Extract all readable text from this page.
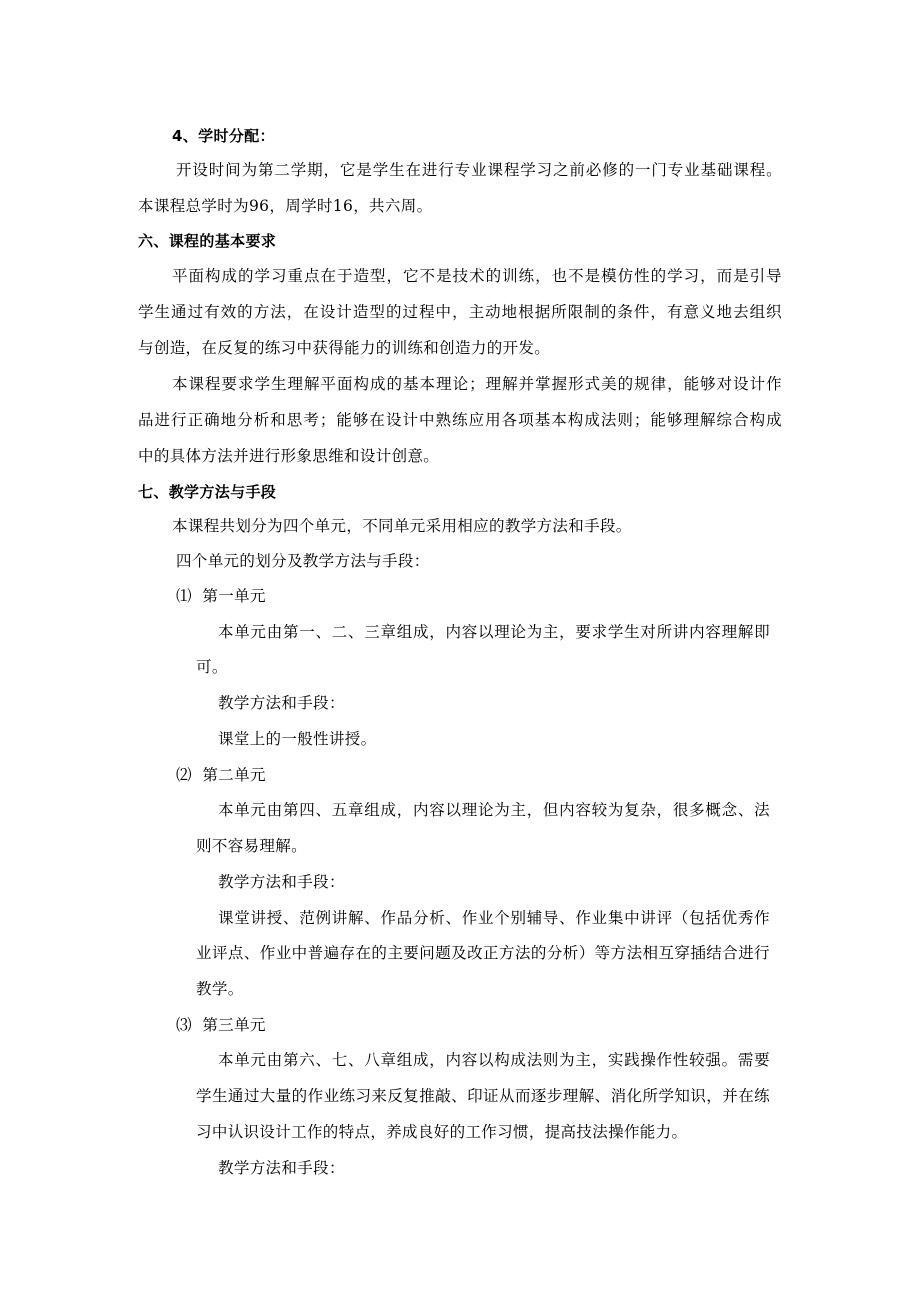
4、学时分配：
开设时间为第二学期，它是学生在进行专业课程学习之前必修的一门专业基础课程。
本课程总学时为96，周学时16，共六周。
六、课程的基本要求
平面构成的学习重点在于造型，它不是技术的训练，也不是模仿性的学习，而是引导
学生通过有效的方法，在设计造型的过程中，主动地根据所限制的条件，有意义地去组织
与创造，在反复的练习中获得能力的训练和创造力的开发。
本课程要求学生理解平面构成的基本理论；理解并掌握形式美的规律，能够对设计作
品进行正确地分析和思考；能够在设计中熟练应用各项基本构成法则；能够理解综合构成
中的具体方法并进行形象思维和设计创意。
七、教学方法与手段
本课程共划分为四个单元，不同单元采用相应的教学方法和手段。
四个单元的划分及教学方法与手段：
⑴  第一单元
本单元由第一、二、三章组成，内容以理论为主，要求学生对所讲内容理解即
可。
教学方法和手段：
课堂上的一般性讲授。
⑵  第二单元
本单元由第四、五章组成，内容以理论为主，但内容较为复杂，很多概念、法
则不容易理解。
教学方法和手段：
课堂讲授、范例讲解、作品分析、作业个别辅导、作业集中讲评（包括优秀作
业评点、作业中普遍存在的主要问题及改正方法的分析）等方法相互穿插结合进行
教学。
⑶  第三单元
本单元由第六、七、八章组成，内容以构成法则为主，实践操作性较强。需要
学生通过大量的作业练习来反复推敲、印证从而逐步理解、消化所学知识，并在练
习中认识设计工作的特点，养成良好的工作习惯，提高技法操作能力。
教学方法和手段：
